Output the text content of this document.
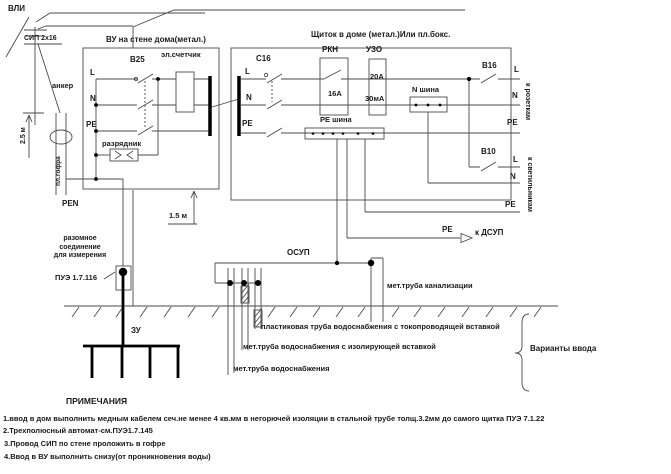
ВЛИ
СИП 2х16
анкер
2.5 м
пл.гофра
PEN
ВУ на стене дома(метал.)
L
B25
эл.счетчик
N
PE
разрядник
1.5 м
Щиток в доме (метал.)Или пл.бокс.
L
C16
N
PE
РКН
16А
УЗО
20А
30мА
N шина
PE шина
B16 L
N
PE
к розеткам
B10
L
N
PE к светильникам
PE	к ДСУП
ОСУП
ЗУ
разомное
соединение
для измерения
ПУЭ 1.7.116
мет.труба канализации
пластиковая труба водоснабжения с токопроводящей вставкой
мет.труба водоснабжения с изолирующей вставкой
мет.труба водоснабжения
Варианты ввода
ПРИМЕЧАНИЯ
1.ввод в дом выполнить медным кабелем сеч.не менее 4 кв.мм в негорючей изоляции в стальной трубе толщ.3.2мм до самого щитка ПУЭ 7.1.22
2.Трехполюсный автомат-см.ПУЭ1.7.145
3.Провод СИП по стене проложить в гофре
4.Ввод в ВУ выполнить снизу(от проникновения воды)
